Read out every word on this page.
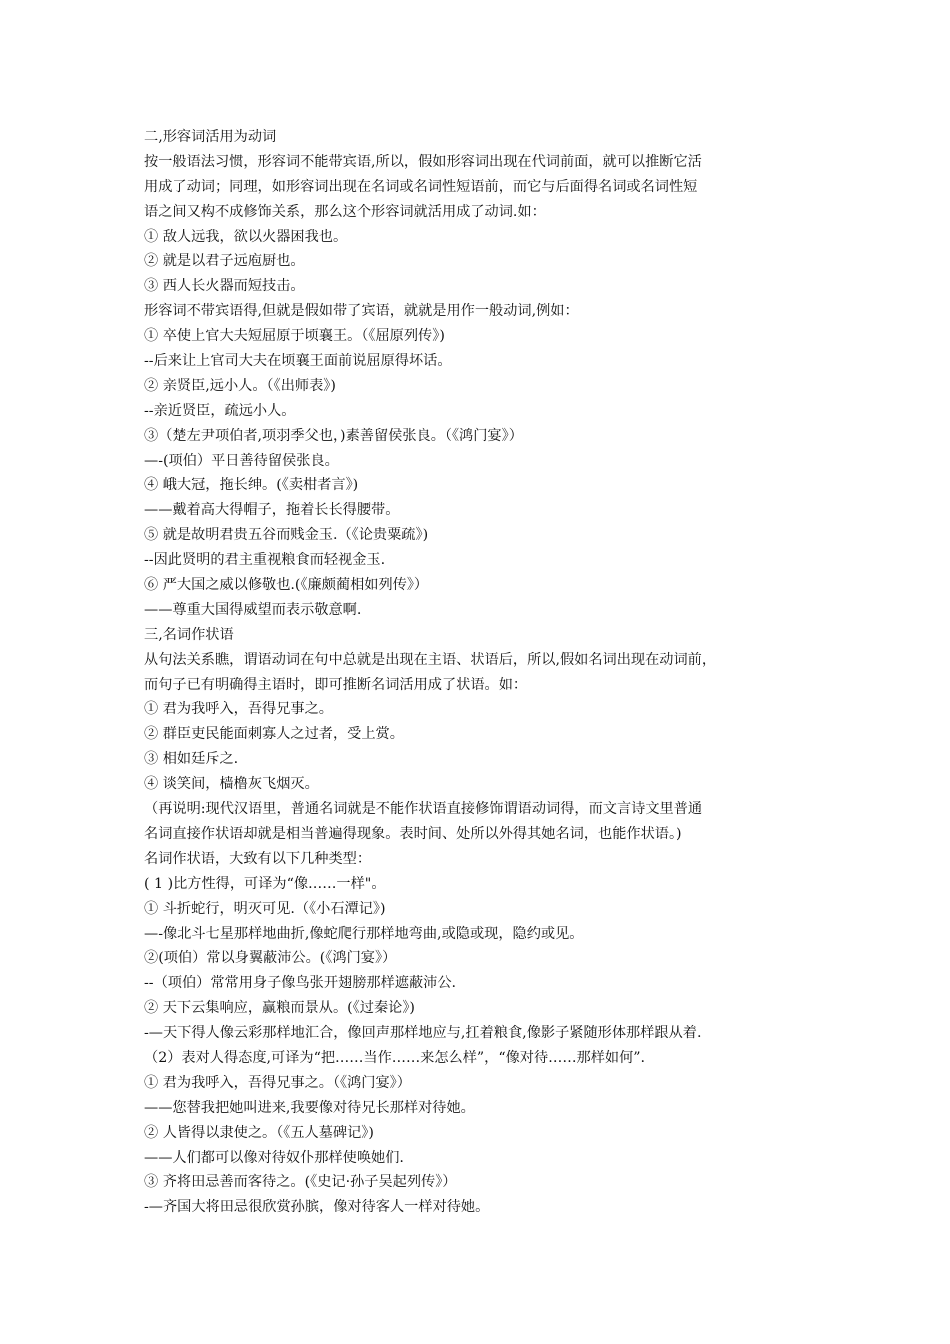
二,形容词活用为动词
按一般语法习惯，形容词不能带宾语,所以，假如形容词出现在代词前面，就可以推断它活
用成了动词；同理，如形容词出现在名词或名词性短语前，而它与后面得名词或名词性短
语之间又构不成修饰关系，那么这个形容词就活用成了动词.如：
① 敌人远我，欲以火器困我也。
② 就是以君子远庖厨也。
③ 西人长火器而短技击。
形容词不带宾语得,但就是假如带了宾语，就就是用作一般动词,例如：
① 卒使上官大夫短屈原于顷襄王。（《屈原列传》)
--后来让上官司大夫在顷襄王面前说屈原得坏话。
② 亲贤臣,远小人。（《出师表》)
--亲近贤臣，疏远小人。
③（楚左尹项伯者,项羽季父也，)素善留侯张良。（《鸿门宴》）
—-(项伯）平日善待留侯张良。
④ 峨大冠，拖长绅。(《卖柑者言》)
——戴着高大得帽子，拖着长长得腰带。
⑤ 就是故明君贵五谷而贱金玉.（《论贵粟疏》)
--因此贤明的君主重视粮食而轻视金玉.
⑥ 严大国之威以修敬也.(《廉颇蔺相如列传》）
——尊重大国得威望而表示敬意啊.
三,名词作状语
从句法关系瞧，谓语动词在句中总就是出现在主语、状语后，所以,假如名词出现在动词前，
而句子已有明确得主语时，即可推断名词活用成了状语。如：
① 君为我呼入，吾得兄事之。
② 群臣吏民能面刺寡人之过者，受上赏。
③ 相如廷斥之.
④ 谈笑间，樯橹灰飞烟灭。
（再说明:现代汉语里，普通名词就是不能作状语直接修饰谓语动词得，而文言诗文里普通
名词直接作状语却就是相当普遍得现象。表时间、处所以外得其她名词，也能作状语。)
名词作状语，大致有以下几种类型：
( 1 )比方性得，可译为“像……一样"。
① 斗折蛇行，明灭可见.（《小石潭记》)
—-像北斗七星那样地曲折,像蛇爬行那样地弯曲,或隐或现，隐约或见。
②(项伯）常以身翼蔽沛公。(《鸿门宴》）
--（项伯）常常用身子像鸟张开翅膀那样遮蔽沛公.
② 天下云集响应，赢粮而景从。(《过秦论》)
-—天下得人像云彩那样地汇合，像回声那样地应与,扛着粮食,像影子紧随形体那样跟从着.
（2）表对人得态度,可译为“把……当作……来怎么样”，“像对待……那样如何”.
① 君为我呼入，吾得兄事之。（《鸿门宴》）
——您替我把她叫进来,我要像对待兄长那样对待她。
② 人皆得以隶使之。（《五人墓碑记》)
——人们都可以像对待奴仆那样使唤她们.
③ 齐将田忌善而客待之。(《史记·孙子吴起列传》）
-—齐国大将田忌很欣赏孙膑，像对待客人一样对待她。
